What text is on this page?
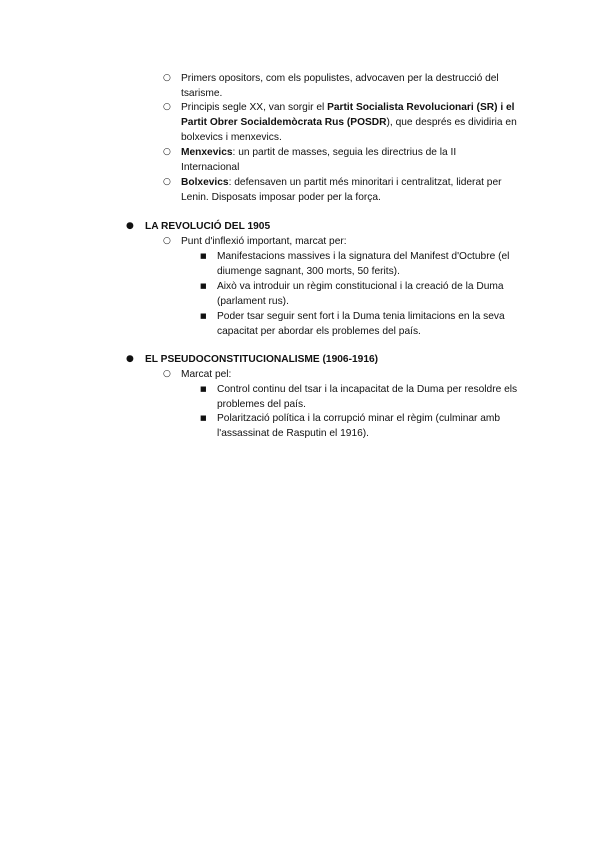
○ Primers opositors, com els populistes, advocaven per la destrucció del tsarisme.
○ Principis segle XX, van sorgir el Partit Socialista Revolucionari (SR) i el Partit Obrer Socialdemòcrata Rus (POSDR), que després es dividiria en bolxevics i menxevics.
○ Menxevics: un partit de masses, seguia les directrius de la II Internacional
○ Bolxevics: defensaven un partit més minoritari i centralitzat, liderat per Lenin. Disposats imposar poder per la força.
● LA REVOLUCIÓ DEL 1905
○ Punt d'inflexió important, marcat per:
■ Manifestacions massives i la signatura del Manifest d'Octubre (el diumenge sagnant, 300 morts, 50 ferits).
■ Això va introduir un règim constitucional i la creació de la Duma (parlament rus).
■ Poder tsar seguir sent fort i la Duma tenia limitacions en la seva capacitat per abordar els problemes del país.
● EL PSEUDOCONSTITUCIONALISME (1906-1916)
○ Marcat pel:
■ Control continu del tsar i la incapacitat de la Duma per resoldre els problemes del país.
■ Polarització política i la corrupció minar el règim (culminar amb l'assassinat de Rasputin el 1916).
